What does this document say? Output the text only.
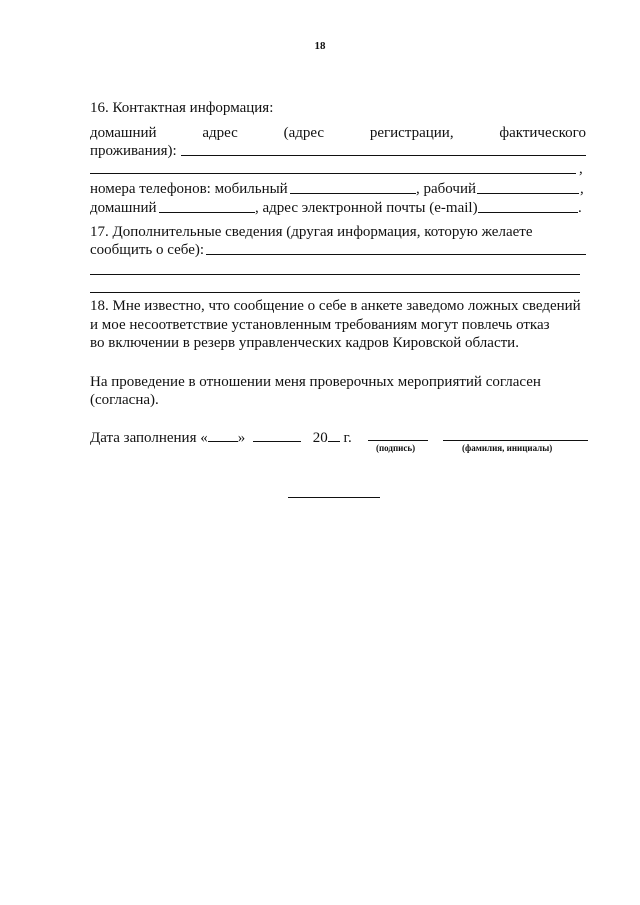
18
16. Контактная информация:
домашний	адрес	(адрес	регистрации,	фактического
проживания):
,
номера телефонов: мобильный	, рабочий	,
домашний	, адрес электронной почты (e-mail)	.
17. Дополнительные сведения (другая информация, которую желаете
сообщить о себе):
18. Мне известно, что сообщение о себе в анкете заведомо ложных сведений
и мое несоответствие установленным требованиям могут повлечь отказ
во включении в резерв управленческих кадров Кировской области.
На проведение в отношении меня проверочных мероприятий согласен
(согласна).
Дата заполнения « »	20 г.
(подпись)	(фамилия, инициалы)
